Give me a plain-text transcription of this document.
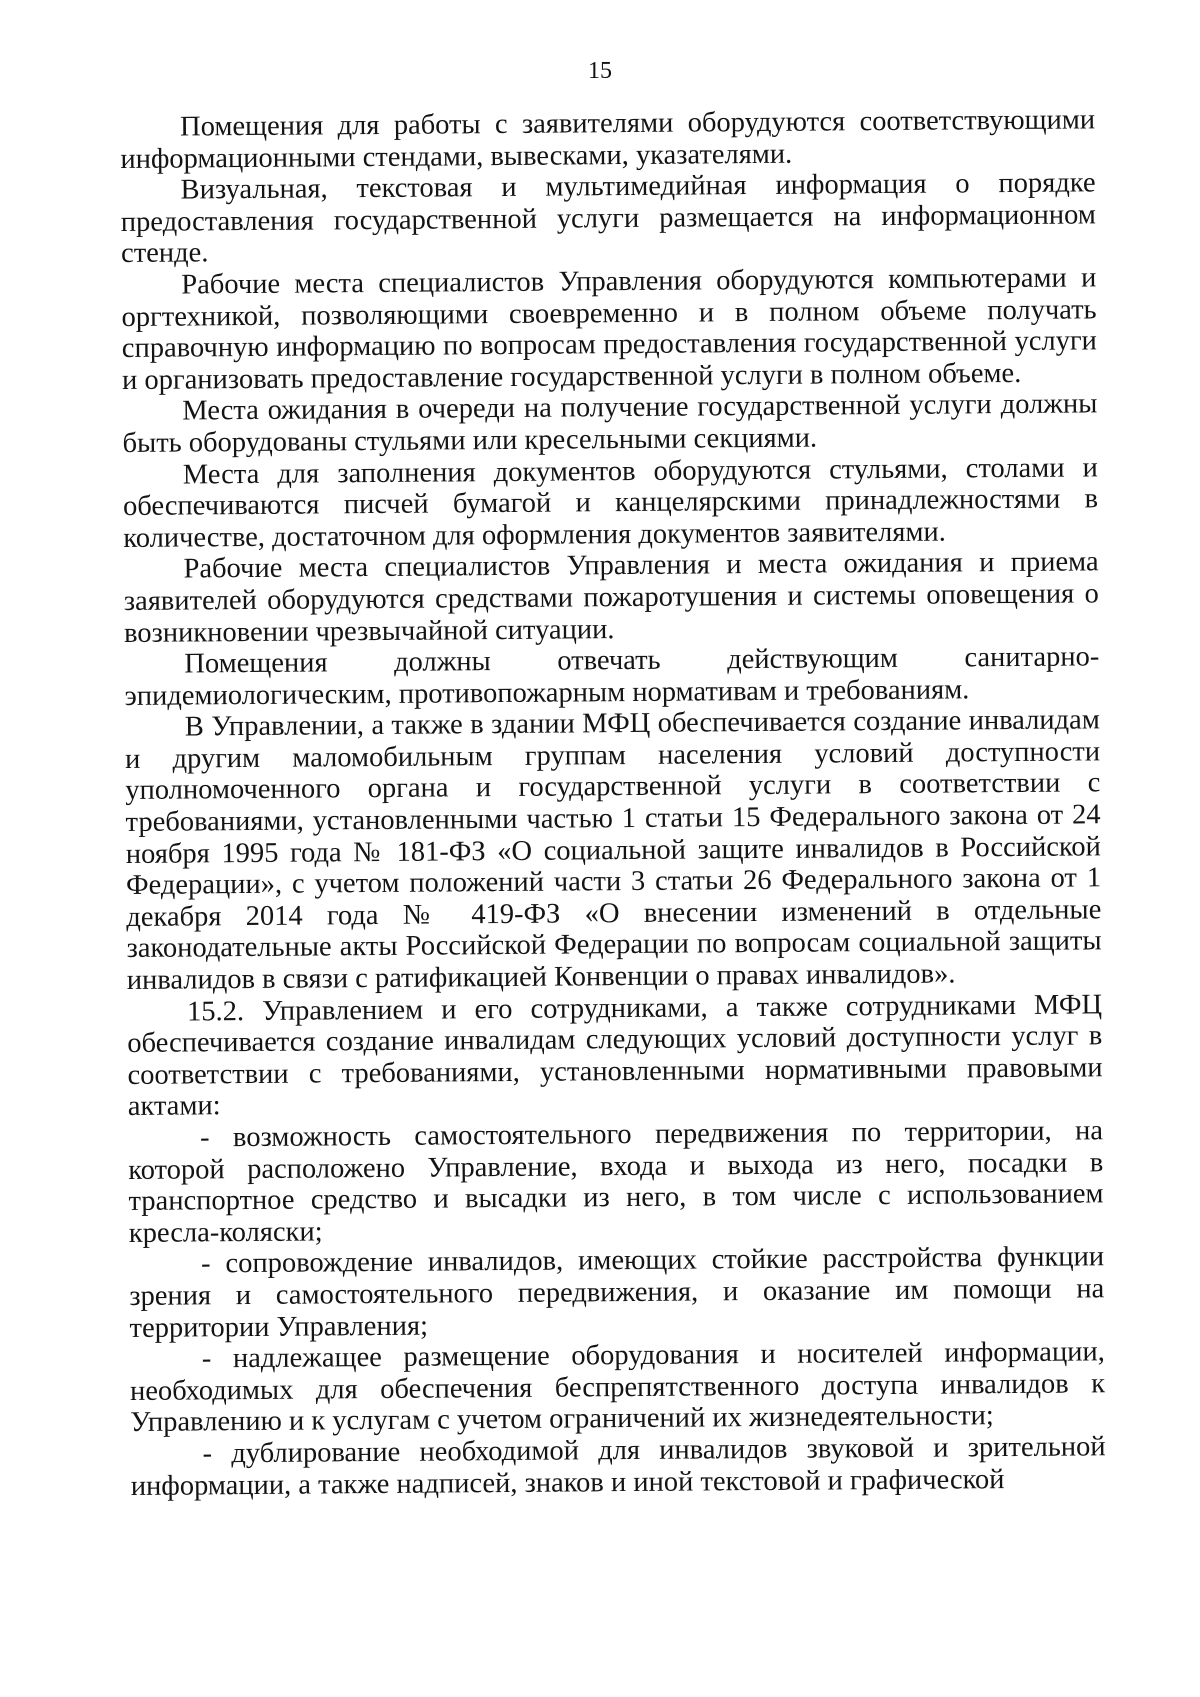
15

Помещения для работы с заявителями оборудуются соответствующими информационными стендами, вывесками, указателями.

Визуальная, текстовая и мультимедийная информация о порядке предоставления государственной услуги размещается на информационном стенде.

Рабочие места специалистов Управления оборудуются компьютерами и оргтехникой, позволяющими своевременно и в полном объеме получать справочную информацию по вопросам предоставления государственной услуги и организовать предоставление государственной услуги в полном объеме.

Места ожидания в очереди на получение государственной услуги должны быть оборудованы стульями или кресельными секциями.

Места для заполнения документов оборудуются стульями, столами и обеспечиваются писчей бумагой и канцелярскими принадлежностями в количестве, достаточном для оформления документов заявителями.

Рабочие места специалистов Управления и места ожидания и приема заявителей оборудуются средствами пожаротушения и системы оповещения о возникновении чрезвычайной ситуации.

Помещения должны отвечать действующим санитарно-эпидемиологическим, противопожарным нормативам и требованиям.

В Управлении, а также в здании МФЦ обеспечивается создание инвалидам и другим маломобильным группам населения условий доступности уполномоченного органа и государственной услуги в соответствии с требованиями, установленными частью 1 статьи 15 Федерального закона от 24 ноября 1995 года № 181-ФЗ «О социальной защите инвалидов в Российской Федерации», с учетом положений части 3 статьи 26 Федерального закона от 1 декабря 2014 года № 419-ФЗ «О внесении изменений в отдельные законодательные акты Российской Федерации по вопросам социальной защиты инвалидов в связи с ратификацией Конвенции о правах инвалидов».

15.2. Управлением и его сотрудниками, а также сотрудниками МФЦ обеспечивается создание инвалидам следующих условий доступности услуг в соответствии с требованиями, установленными нормативными правовыми актами:

- возможность самостоятельного передвижения по территории, на которой расположено Управление, входа и выхода из него, посадки в транспортное средство и высадки из него, в том числе с использованием кресла-коляски;

- сопровождение инвалидов, имеющих стойкие расстройства функции зрения и самостоятельного передвижения, и оказание им помощи на территории Управления;

- надлежащее размещение оборудования и носителей информации, необходимых для обеспечения беспрепятственного доступа инвалидов к Управлению и к услугам с учетом ограничений их жизнедеятельности;

- дублирование необходимой для инвалидов звуковой и зрительной информации, а также надписей, знаков и иной текстовой и графической
